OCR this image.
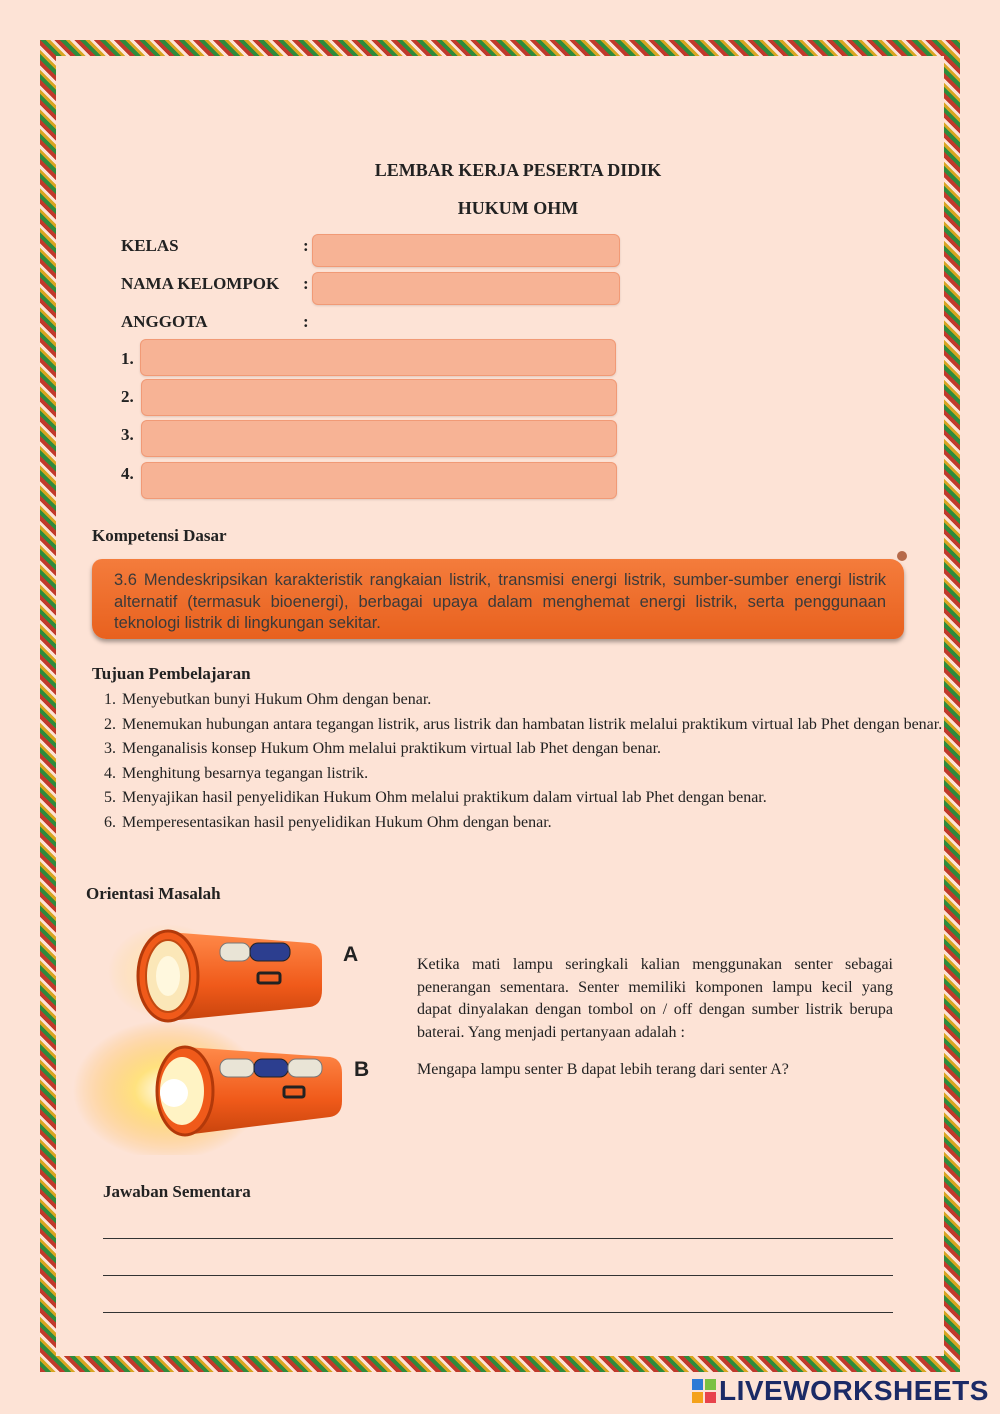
LEMBAR KERJA PESERTA DIDIK
HUKUM OHM
KELAS	:
NAMA KELOMPOK :
ANGGOTA	:
1.
2.
3.
4.
Kompetensi Dasar
3.6 Mendeskripsikan karakteristik rangkaian listrik, transmisi energi listrik, sumber-sumber energi listrik alternatif (termasuk bioenergi), berbagai upaya dalam menghemat energi listrik, serta penggunaan teknologi listrik di lingkungan sekitar.
Tujuan Pembelajaran
1. Menyebutkan bunyi Hukum Ohm dengan benar.
2. Menemukan hubungan antara tegangan listrik, arus listrik dan hambatan listrik melalui praktikum virtual lab Phet dengan benar.
3. Menganalisis konsep Hukum Ohm melalui praktikum virtual lab Phet dengan benar.
4. Menghitung besarnya tegangan listrik.
5. Menyajikan hasil penyelidikan Hukum Ohm melalui praktikum dalam virtual lab Phet dengan benar.
6. Memperesentasikan hasil penyelidikan Hukum Ohm dengan benar.
Orientasi Masalah
A
B
Ketika mati lampu seringkali kalian menggunakan senter sebagai penerangan sementara. Senter memiliki komponen lampu kecil yang dapat dinyalakan dengan tombol on / off dengan sumber listrik berupa baterai. Yang menjadi pertanyaan adalah :
Mengapa lampu senter B dapat lebih terang dari senter A?
Jawaban Sementara
LIVEWORKSHEETS
